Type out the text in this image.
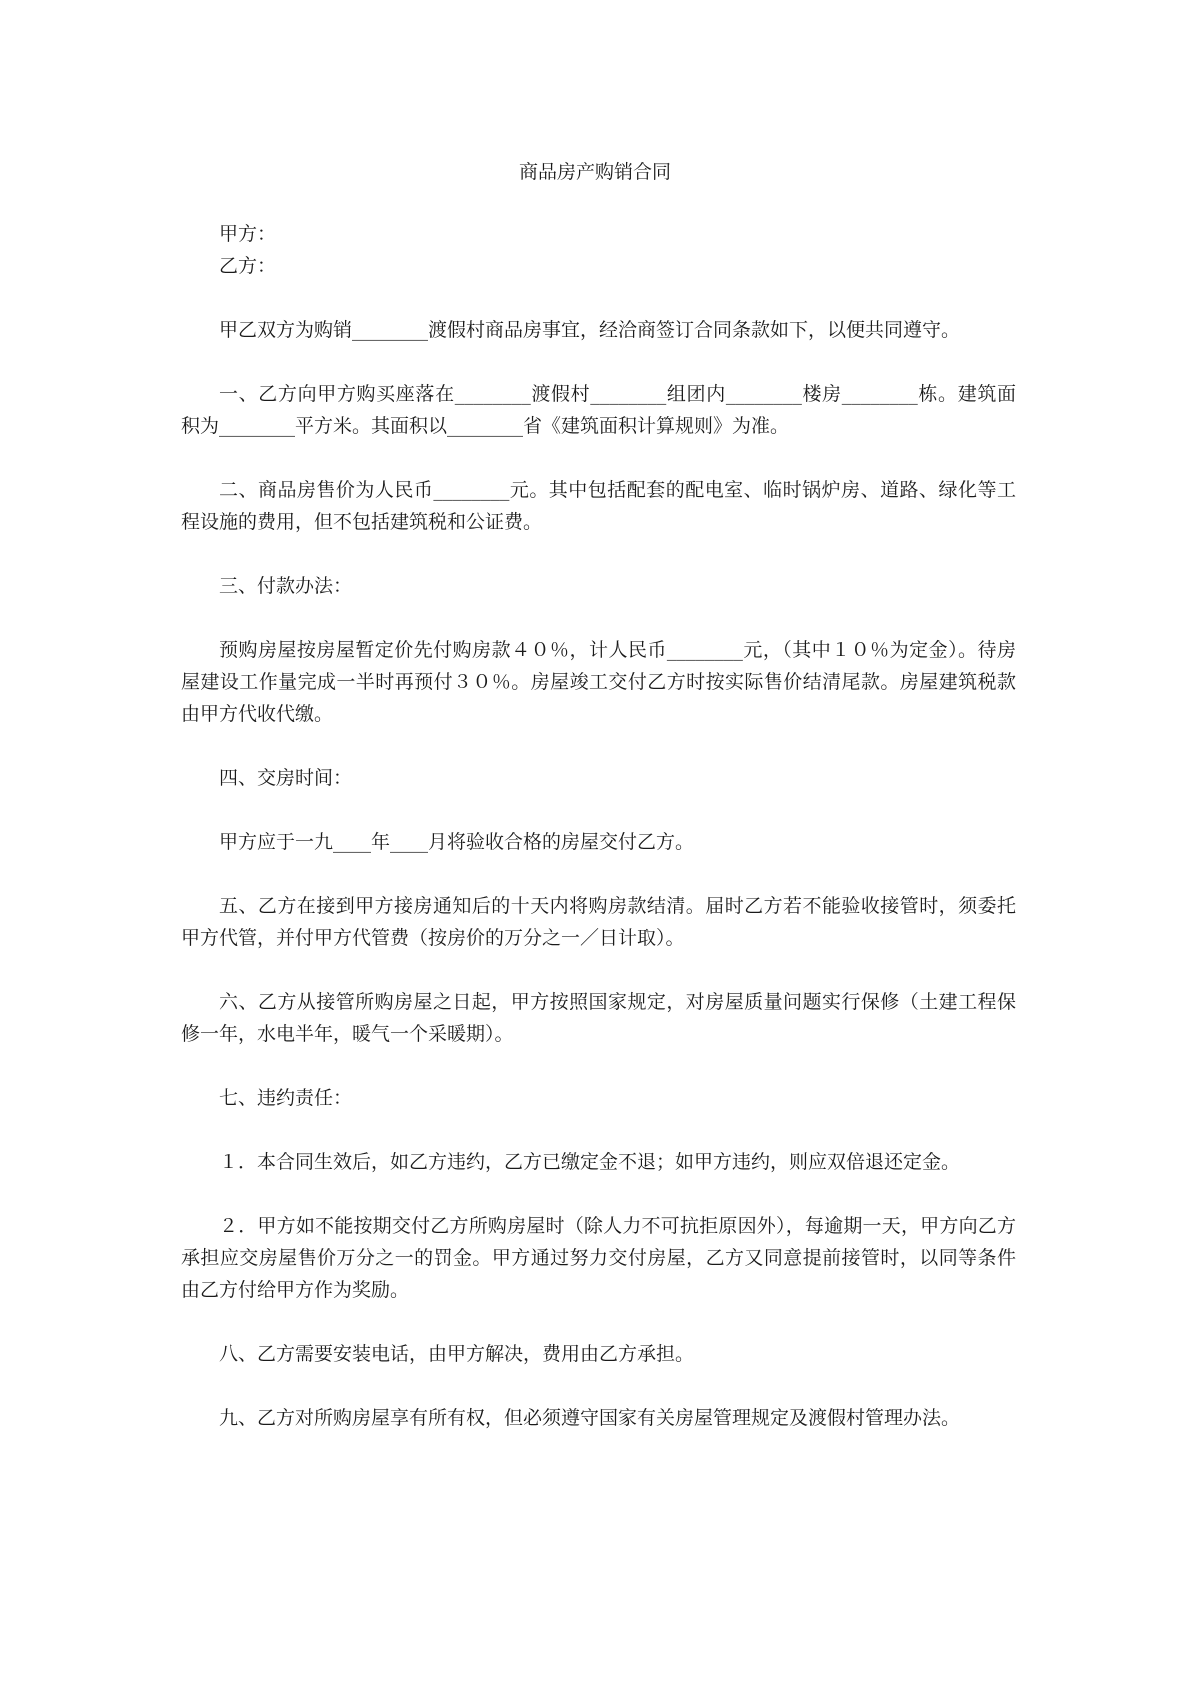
商品房产购销合同
甲方：
乙方：

甲乙双方为购销________渡假村商品房事宜，经洽商签订合同条款如下，以便共同遵守。

一、乙方向甲方购买座落在________渡假村________组团内________楼房________栋。建筑面积为________平方米。其面积以________省《建筑面积计算规则》为准。

二、商品房售价为人民币________元。其中包括配套的配电室、临时锅炉房、道路、绿化等工程设施的费用，但不包括建筑税和公证费。

三、付款办法：

预购房屋按房屋暂定价先付购房款４０％，计人民币________元，（其中１０％为定金）。待房屋建设工作量完成一半时再预付３０％。房屋竣工交付乙方时按实际售价结清尾款。房屋建筑税款由甲方代收代缴。

四、交房时间：

甲方应于一九____年____月将验收合格的房屋交付乙方。

五、乙方在接到甲方接房通知后的十天内将购房款结清。届时乙方若不能验收接管时，须委托甲方代管，并付甲方代管费（按房价的万分之一／日计取）。

六、乙方从接管所购房屋之日起，甲方按照国家规定，对房屋质量问题实行保修（土建工程保修一年，水电半年，暖气一个采暖期）。

七、违约责任：

１．本合同生效后，如乙方违约，乙方已缴定金不退；如甲方违约，则应双倍退还定金。

２．甲方如不能按期交付乙方所购房屋时（除人力不可抗拒原因外），每逾期一天，甲方向乙方承担应交房屋售价万分之一的罚金。甲方通过努力交付房屋，乙方又同意提前接管时，以同等条件由乙方付给甲方作为奖励。

八、乙方需要安装电话，由甲方解决，费用由乙方承担。

九、乙方对所购房屋享有所有权，但必须遵守国家有关房屋管理规定及渡假村管理办法。
